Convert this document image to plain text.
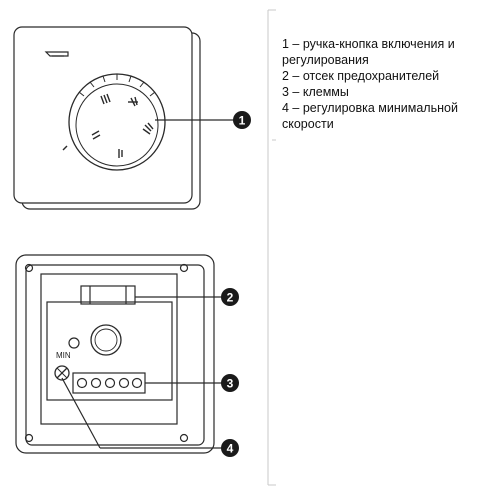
MIN
1
2
3
4

1 – ручка-кнопка включения и регулирования

2 – отсек предохранителей

3 – клеммы

4 – регулировка минимальной скорости
